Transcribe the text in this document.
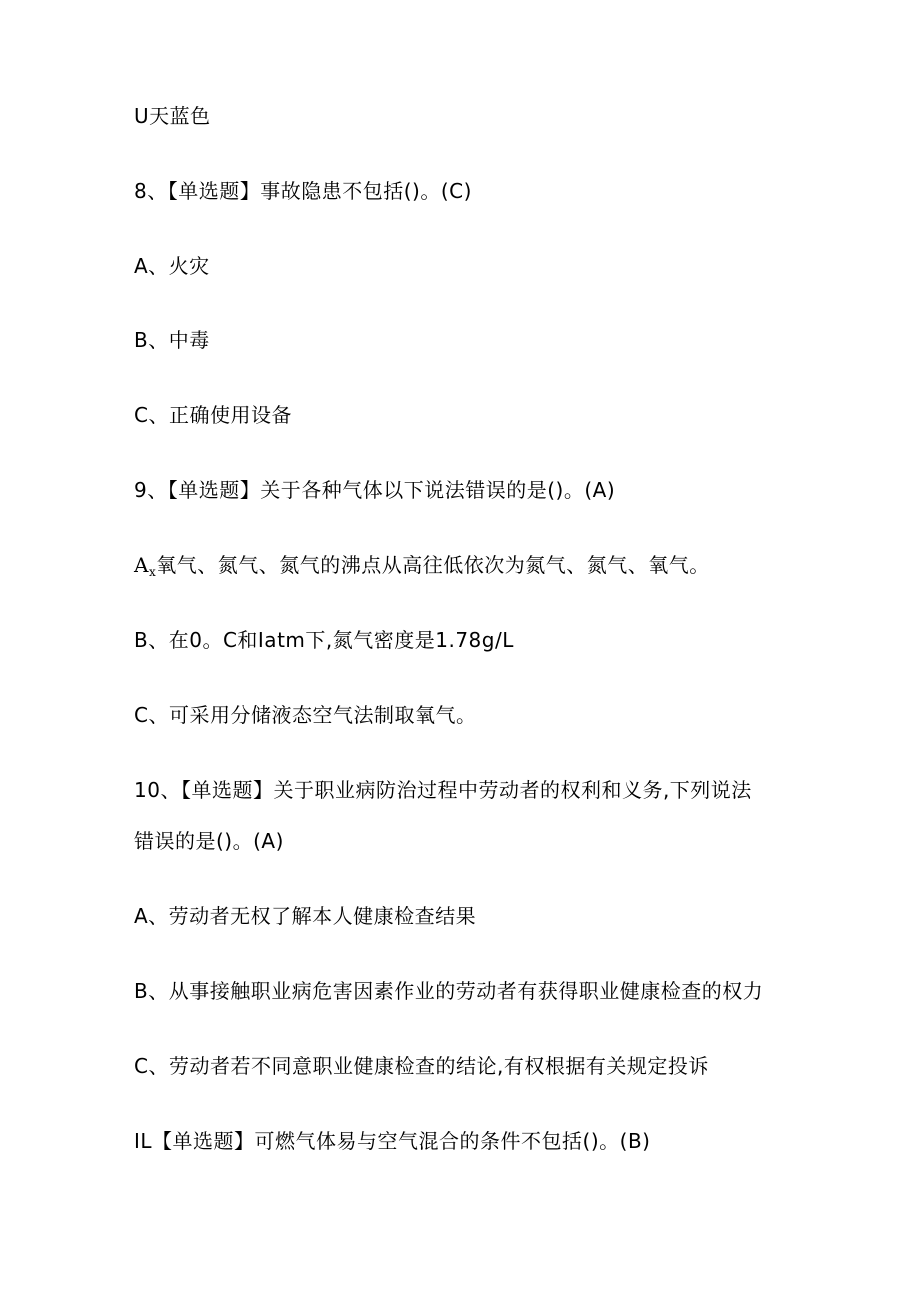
U天蓝色
8、【单选题】事故隐患不包括()。(C)
A、火灾
B、中毒
C、正确使用设备
9、【单选题】关于各种气体以下说法错误的是()。(A)
$A_x$氧气、氮气、氮气的沸点从高往低依次为氮气、氮气、氧气。
B、在0。C和Iatm下,氮气密度是1.78g/L
C、可采用分储液态空气法制取氧气。
10、【单选题】关于职业病防治过程中劳动者的权利和义务,下列说法
错误的是()。(A)
A、劳动者无权了解本人健康检查结果
B、从事接触职业病危害因素作业的劳动者有获得职业健康检查的权力
C、劳动者若不同意职业健康检查的结论,有权根据有关规定投诉
IL【单选题】可燃气体易与空气混合的条件不包括()。(B)
